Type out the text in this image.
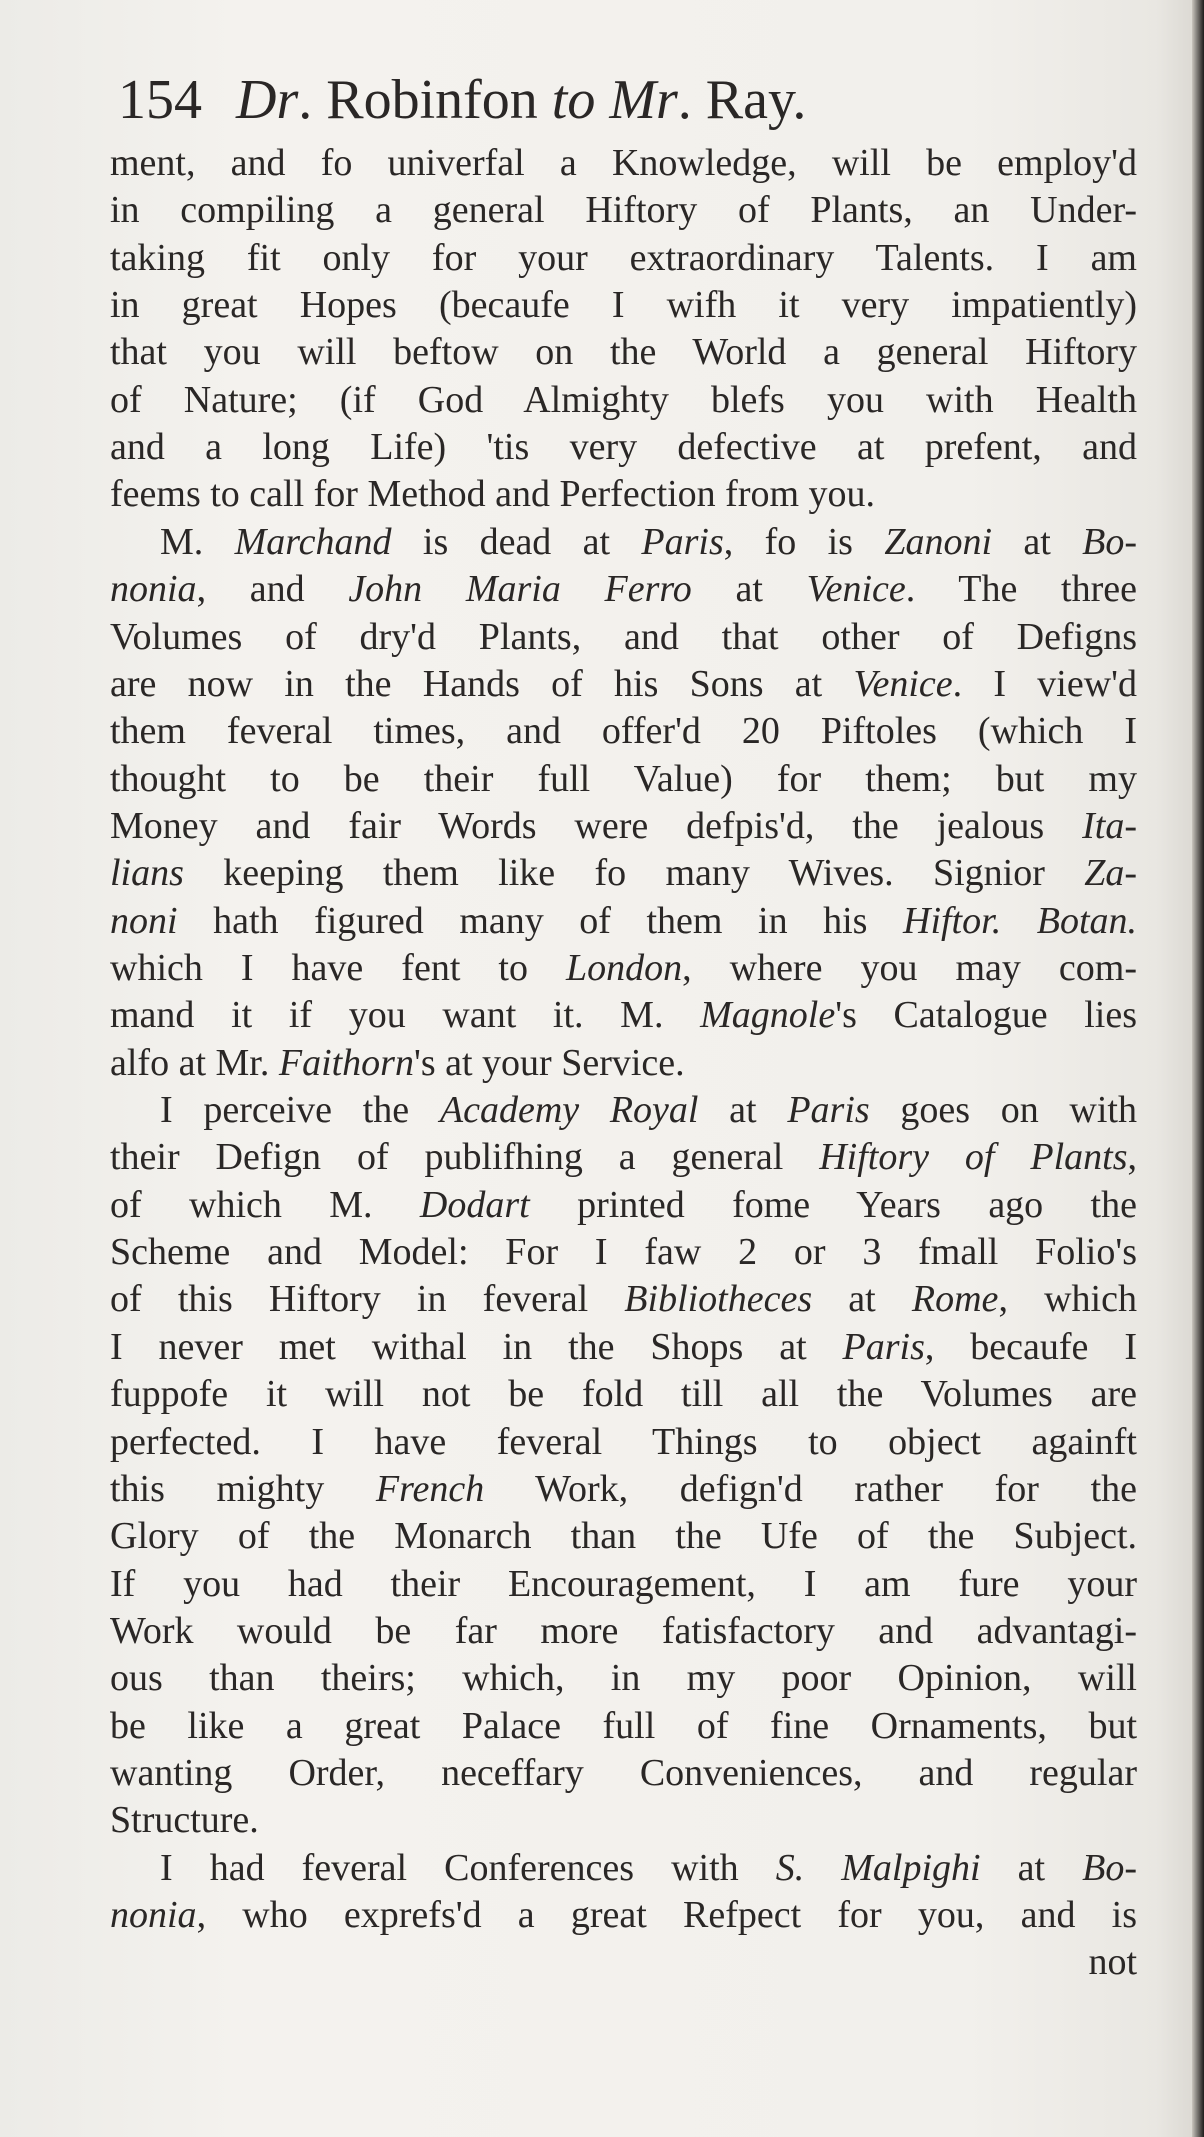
154 Dr. Robinfon to Mr. Ray.
ment, and fo univerfal a Knowledge, will be employ'd
in compiling a general Hiftory of Plants, an Under-
taking fit only for your extraordinary Talents. I am
in great Hopes (becaufe I wifh it very impatiently)
that you will beftow on the World a general Hiftory
of Nature; (if God Almighty blefs you with Health
and a long Life) 'tis very defective at prefent, and
feems to call for Method and Perfection from you.
M. Marchand is dead at Paris, fo is Zanoni at Bo-
nonia, and John Maria Ferro at Venice. The three
Volumes of dry'd Plants, and that other of Defigns
are now in the Hands of his Sons at Venice. I view'd
them feveral times, and offer'd 20 Piftoles (which I
thought to be their full Value) for them; but my
Money and fair Words were defpis'd, the jealous Ita-
lians keeping them like fo many Wives. Signior Za-
noni hath figured many of them in his Hiftor. Botan.
which I have fent to London, where you may com-
mand it if you want it. M. Magnole's Catalogue lies
alfo at Mr. Faithorn's at your Service.
I perceive the Academy Royal at Paris goes on with
their Defign of publifhing a general Hiftory of Plants,
of which M. Dodart printed fome Years ago the
Scheme and Model: For I faw 2 or 3 fmall Folio's
of this Hiftory in feveral Bibliotheces at Rome, which
I never met withal in the Shops at Paris, becaufe I
fuppofe it will not be fold till all the Volumes are
perfected. I have feveral Things to object againft
this mighty French Work, defign'd rather for the
Glory of the Monarch than the Ufe of the Subject.
If you had their Encouragement, I am fure your
Work would be far more fatisfactory and advantagi-
ous than theirs; which, in my poor Opinion, will
be like a great Palace full of fine Ornaments, but
wanting Order, neceffary Conveniences, and regular
Structure.
I had feveral Conferences with S. Malpighi at Bo-
nonia, who exprefs'd a great Refpect for you, and is
not
